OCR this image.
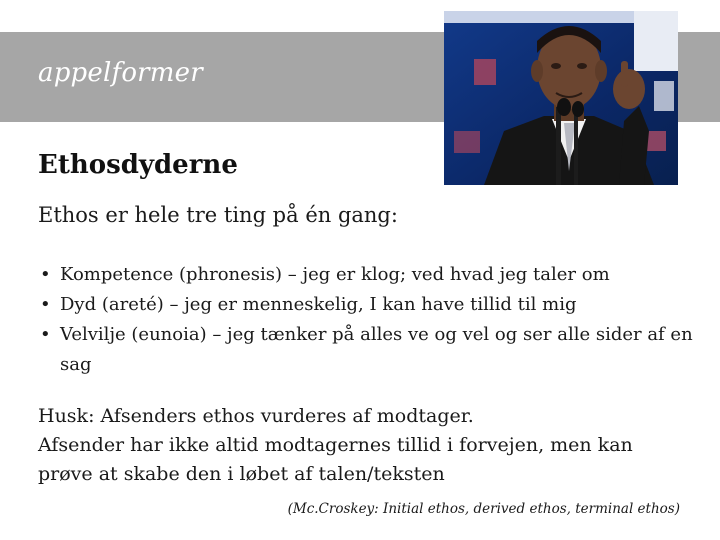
appelformer
Ethosdyderne
Ethos er hele tre ting på én gang:
• Kompetence (phronesis) – jeg er klog; ved hvad jeg taler om
• Dyd (areté) – jeg er menneskelig, I kan have tillid til mig
• Velvilje (eunoia) – jeg tænker på alles ve og vel og ser alle sider af en sag
Husk: Afsenders ethos vurderes af modtager.
Afsender har ikke altid modtagernes tillid i forvejen, men kan
prøve at skabe den i løbet af talen/teksten
(Mc.Croskey: Initial ethos, derived ethos, terminal ethos)
